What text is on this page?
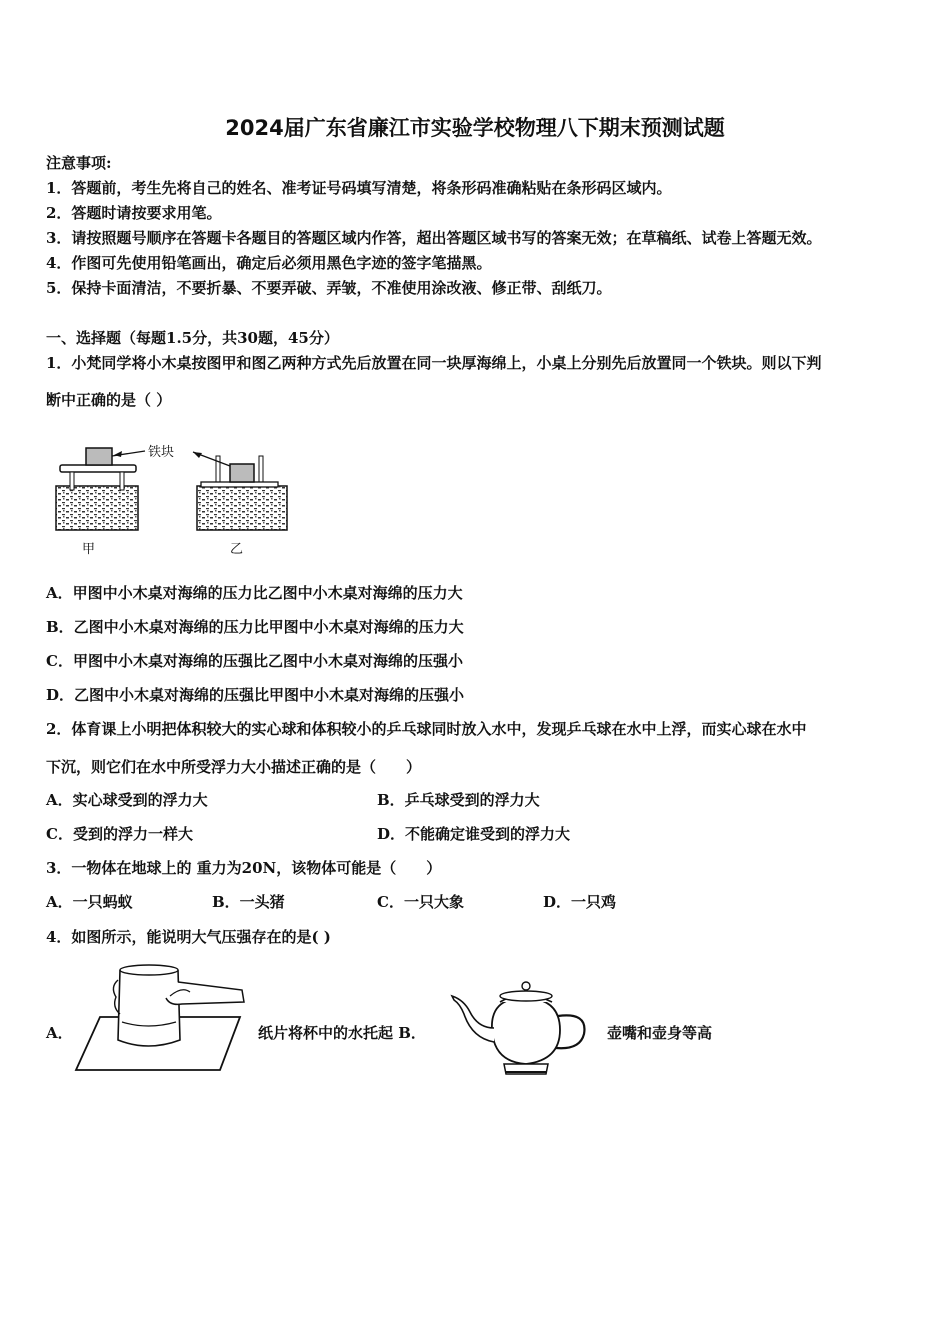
2024届广东省廉江市实验学校物理八下期末预测试题
注意事项:
1．答题前，考生先将自己的姓名、准考证号码填写清楚，将条形码准确粘贴在条形码区域内。
2．答题时请按要求用笔。
3．请按照题号顺序在答题卡各题目的答题区域内作答，超出答题区域书写的答案无效；在草稿纸、试卷上答题无效。
4．作图可先使用铅笔画出，确定后必须用黑色字迹的签字笔描黑。
5．保持卡面清洁，不要折暴、不要弄破、弄皱，不准使用涂改液、修正带、刮纸刀。
一、选择题（每题1.5分，共30题，45分）
1．小梵同学将小木桌按图甲和图乙两种方式先后放置在同一块厚海绵上，小桌上分别先后放置同一个铁块。则以下判
断中正确的是（ ）
铁块
甲	乙
A．甲图中小木桌对海绵的压力比乙图中小木桌对海绵的压力大
B．乙图中小木桌对海绵的压力比甲图中小木桌对海绵的压力大
C．甲图中小木桌对海绵的压强比乙图中小木桌对海绵的压强小
D．乙图中小木桌对海绵的压强比甲图中小木桌对海绵的压强小
2．体育课上小明把体积较大的实心球和体积较小的乒乓球同时放入水中，发现乒乓球在水中上浮，而实心球在水中
下沉，则它们在水中所受浮力大小描述正确的是（　　）
A．实心球受到的浮力大	B．乒乓球受到的浮力大
C．受到的浮力一样大	D．不能确定谁受到的浮力大
3．一物体在地球上的 重力为20N，该物体可能是（　　）
A．一只蚂蚁	B．一头猪	C．一只大象	D．一只鸡
4．如图所示，能说明大气压强存在的是( )
A．	纸片将杯中的水托起 B．	壶嘴和壶身等高
